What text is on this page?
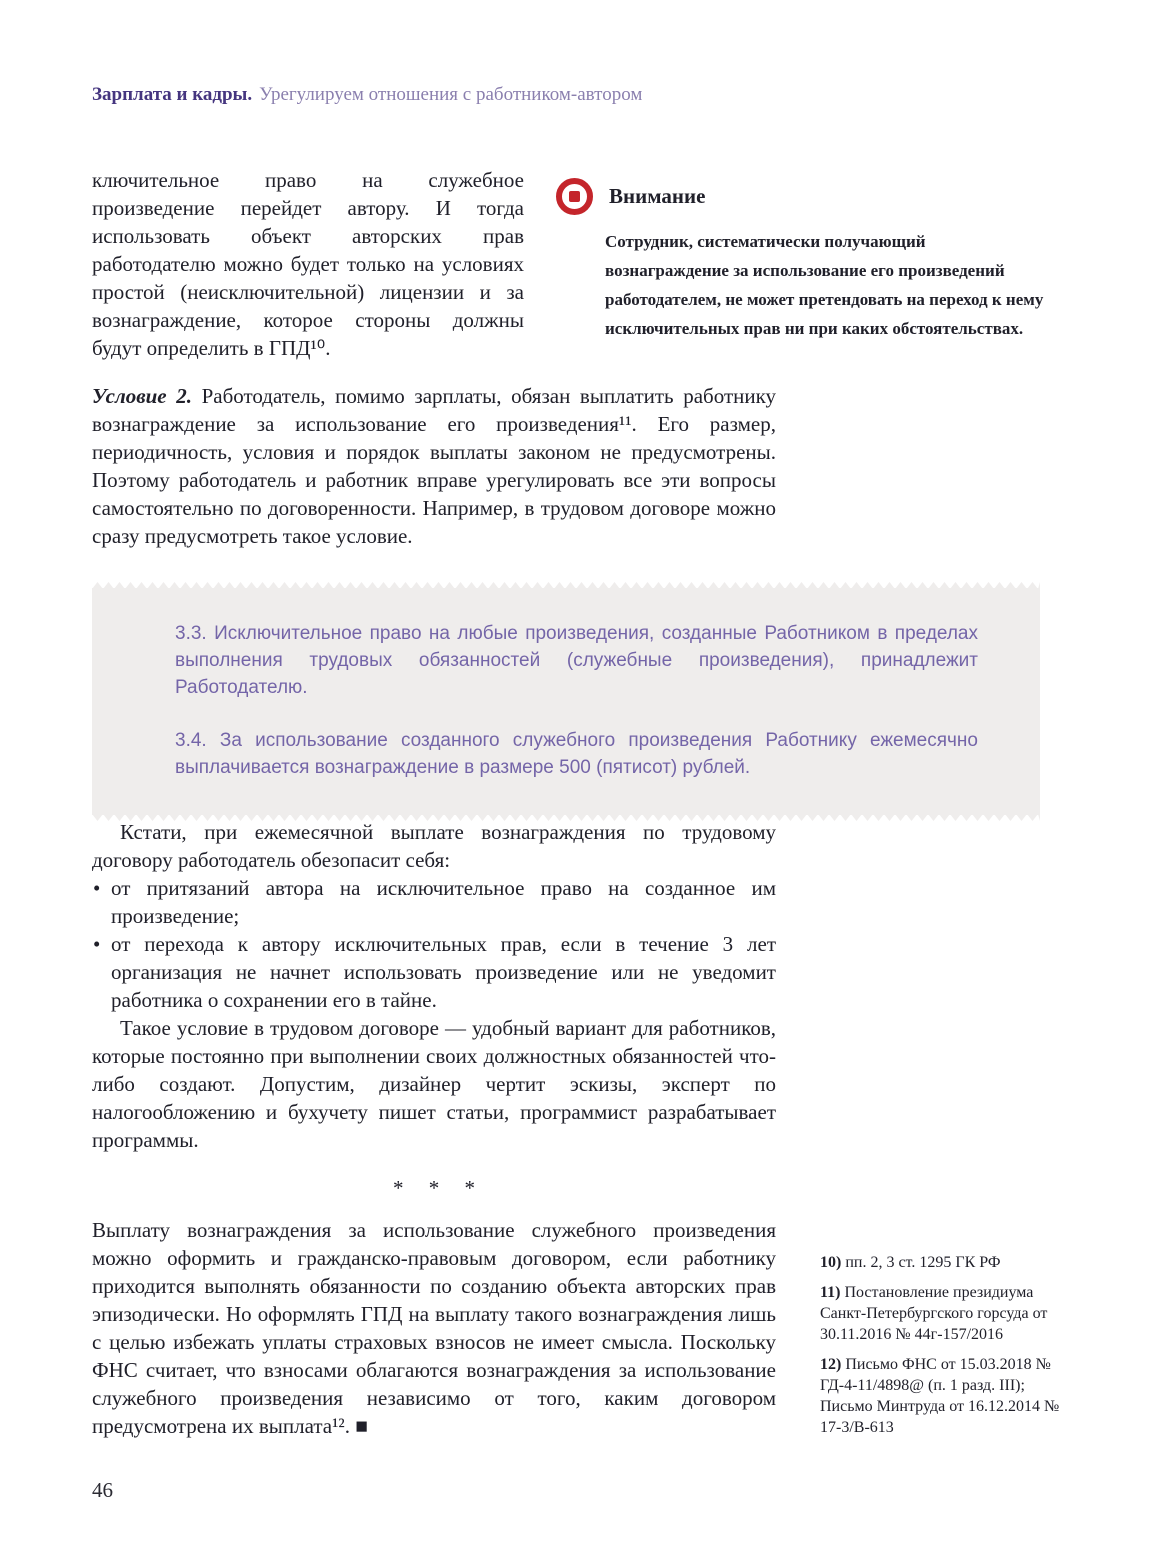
Зарплата и кадры. Урегулируем отношения с работником-автором
ключительное право на служебное произведение перейдет автору. И тогда использовать объект авторских прав работодателю можно будет только на условиях простой (неисключительной) лицензии и за вознаграждение, которое стороны должны будут определить в ГПД¹⁰.
Внимание
Сотрудник, систематически получающий вознаграждение за использование его произведений работодателем, не может претендовать на переход к нему исключительных прав ни при каких обстоятельствах.
Условие 2. Работодатель, помимо зарплаты, обязан выплатить работнику вознаграждение за использование его произведения¹¹. Его размер, периодичность, условия и порядок выплаты законом не предусмотрены. Поэтому работодатель и работник вправе урегулировать все эти вопросы самостоятельно по договоренности. Например, в трудовом договоре можно сразу предусмотреть такое условие.

3.3. Исключительное право на любые произведения, созданные Работником в пределах выполнения трудовых обязанностей (служебные произведения), принадлежит Работодателю.

3.4. За использование созданного служебного произведения Работнику ежемесячно выплачивается вознаграждение в размере 500 (пятисот) рублей.

Кстати, при ежемесячной выплате вознаграждения по трудовому договору работодатель обезопасит себя:

• от притязаний автора на исключительное право на созданное им произведение;
• от перехода к автору исключительных прав, если в течение 3 лет организация не начнет использовать произведение или не уведомит работника о сохранении его в тайне.

Такое условие в трудовом договоре — удобный вариант для работников, которые постоянно при выполнении своих должностных обязанностей что-либо создают. Допустим, дизайнер чертит эскизы, эксперт по налогообложению и бухучету пишет статьи, программист разрабатывает программы.

* * *

Выплату вознаграждения за использование служебного произведения можно оформить и гражданско-правовым договором, если работнику приходится выполнять обязанности по созданию объекта авторских прав эпизодически. Но оформлять ГПД на выплату такого вознаграждения лишь с целью избежать уплаты страховых взносов не имеет смысла. Поскольку ФНС считает, что взносами облагаются вознаграждения за использование служебного произведения независимо от того, каким договором предусмотрена их выплата¹². ■

10) пп. 2, 3 ст. 1295 ГК РФ
11) Постановление президиума Санкт-Петербургского горсуда от 30.11.2016 № 44г-157/2016
12) Письмо ФНС от 15.03.2018 № ГД-4-11/4898@ (п. 1 разд. III); Письмо Минтруда от 16.12.2014 № 17-3/В-613
46
